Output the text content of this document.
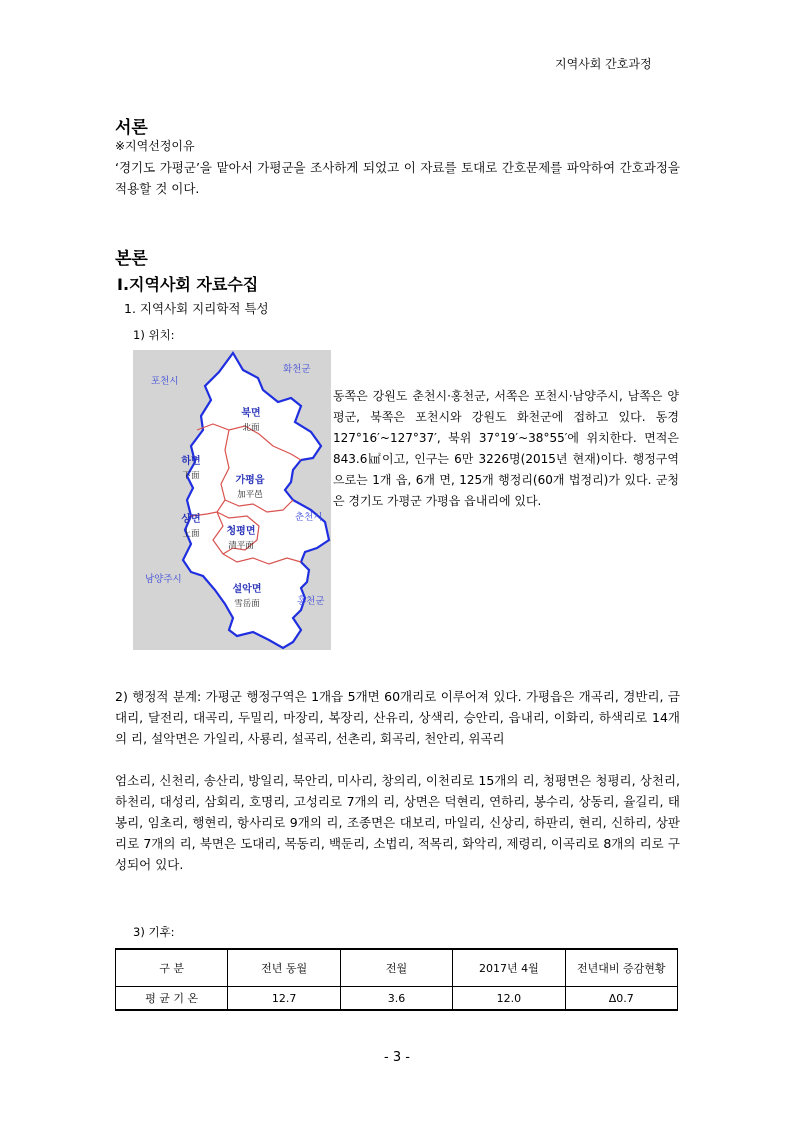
지역사회 간호과정
서론
※지역선정이유
‘경기도 가평군’을 맡아서 가평군을 조사하게 되었고 이 자료를 토대로 간호문제를 파악하여 간호과정을 적용할 것 이다.
본론
Ⅰ.지역사회 자료수집
1. 지역사회 지리학적 특성
1) 위치:
포천시
화천군
춘천시
남양주시
홍천군
북면
하면
가평읍
상면
청평면
설악면
北面
下面
加平邑
上面
清平面
雪岳面
동쪽은 강원도 춘천시·홍천군, 서쪽은 포천시·남양주시, 남쪽은 양평군, 북쪽은 포천시와 강원도 화천군에 접하고 있다. 동경 127°16′~127°37′, 북위 37°19′~38°55′에 위치한다. 면적은 843.6㎢이고, 인구는 6만 3226명(2015년 현재)이다. 행정구역으로는 1개 읍, 6개 면, 125개 행정리(60개 법정리)가 있다. 군청은 경기도 가평군 가평읍 읍내리에 있다.
2) 행정적 분계: 가평군 행정구역은 1개읍 5개면 60개리로 이루어져 있다. 가평읍은 개곡리, 경반리, 금대리, 달전리, 대곡리, 두밀리, 마장리, 복장리, 산유리, 상색리, 승안리, 읍내리, 이화리, 하색리로 14개의 리, 설악면은 가일리, 사룡리, 설곡리, 선촌리, 회곡리, 천안리, 위곡리
엄소리, 신천리, 송산리, 방일리, 묵안리, 미사리, 창의리, 이천리로 15개의 리, 청평면은 청평리, 상천리, 하천리, 대성리, 삼회리, 호명리, 고성리로 7개의 리, 상면은 덕현리, 연하리, 봉수리, 상동리, 율길리, 태봉리, 임초리, 행현리, 항사리로 9개의 리, 조종면은 대보리, 마일리, 신상리, 하판리, 현리, 신하리, 상판리로 7개의 리, 북면은 도대리, 목동리, 백둔리, 소법리, 적목리, 화악리, 제령리, 이곡리로 8개의 리로 구성되어 있다.
3) 기후:
구 분	전년 동월	전월	2017년 4월	전년대비 증감현황
평 균 기 온	12.7	3.6	12.0	Δ0.7
- 3 -
